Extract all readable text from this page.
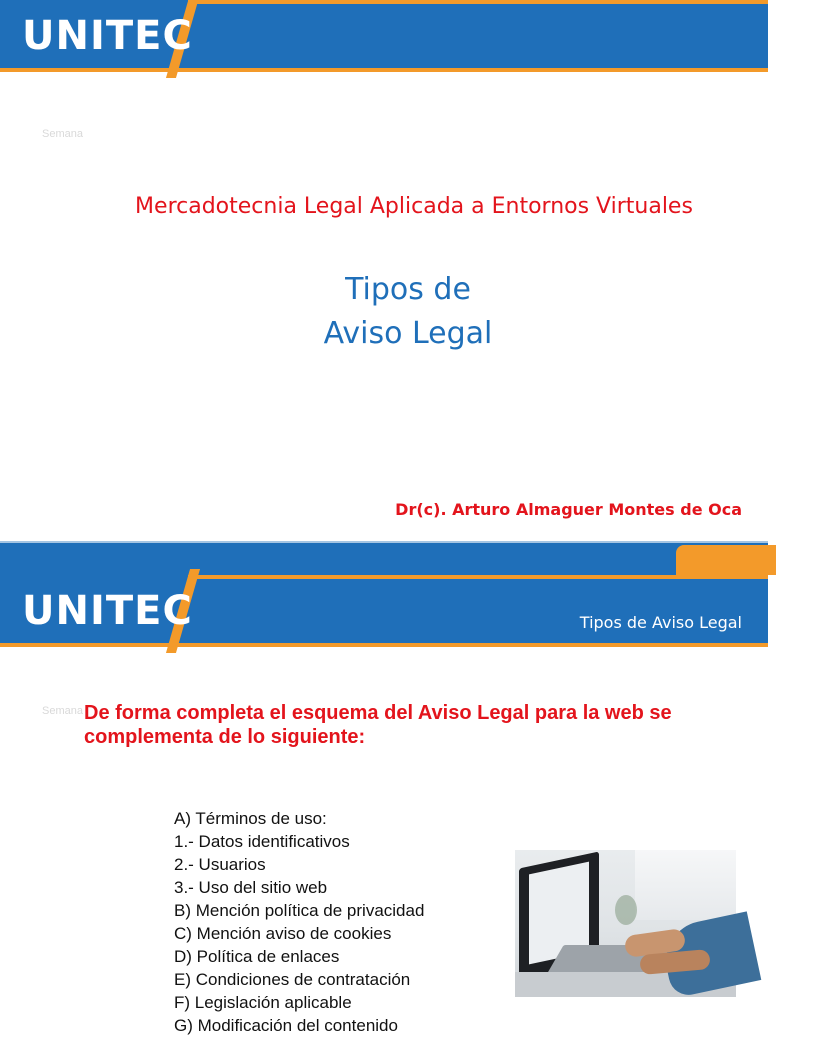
UNITEC
Semana
Mercadotecnia Legal Aplicada a Entornos Virtuales
Tipos de
Aviso Legal
Dr(c). Arturo Almaguer Montes de Oca
UNITEC	Tipos de Aviso Legal
Semana De forma completa el esquema del Aviso Legal para la web se complementa de lo siguiente:
A) Términos de uso:
1.- Datos identificativos
2.- Usuarios
3.- Uso del sitio web
B) Mención política de privacidad
C) Mención aviso de cookies
D) Política de enlaces
E) Condiciones de contratación
F) Legislación aplicable
G) Modificación del contenido
